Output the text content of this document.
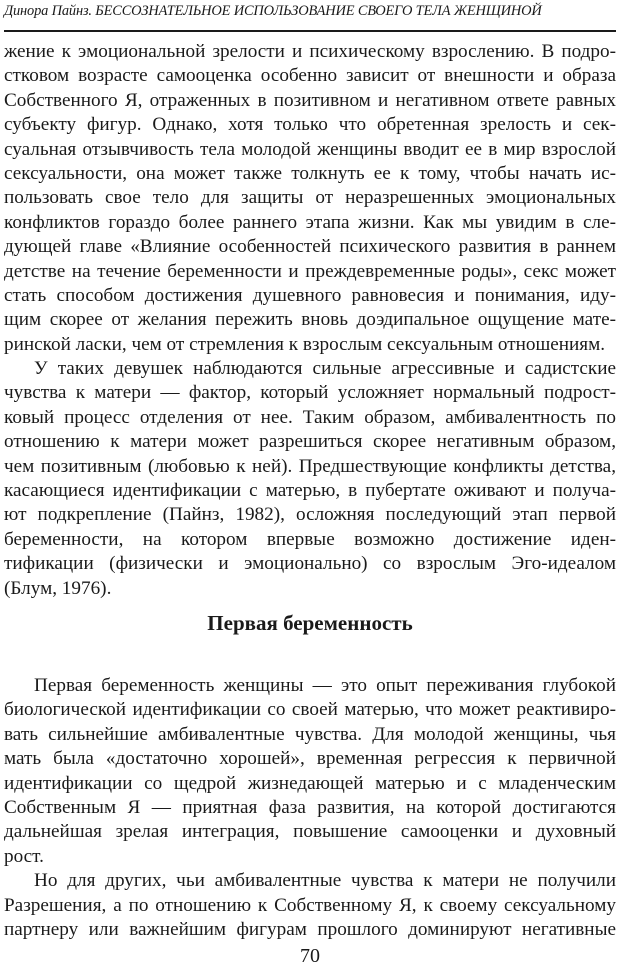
Динора Пайнз. БЕССОЗНАТЕЛЬНОЕ ИСПОЛЬЗОВАНИЕ СВОЕГО ТЕЛА ЖЕНЩИНОЙ
жение к эмоциональной зрелости и психическому взрослению. В подро-
стковом возрасте самооценка особенно зависит от внешности и образа
Собственного Я, отраженных в позитивном и негативном ответе равных
субъекту фигур. Однако, хотя только что обретенная зрелость и сек-
суальная отзывчивость тела молодой женщины вводит ее в мир взрослой
сексуальности, она может также толкнуть ее к тому, чтобы начать ис-
пользовать свое тело для защиты от неразрешенных эмоциональных
конфликтов гораздо более раннего этапа жизни. Как мы увидим в сле-
дующей главе «Влияние особенностей психического развития в раннем
детстве на течение беременности и преждевременные роды», секс может
стать способом достижения душевного равновесия и понимания, иду-
щим скорее от желания пережить вновь доэдипальное ощущение мате-
ринской ласки, чем от стремления к взрослым сексуальным отношениям.
У таких девушек наблюдаются сильные агрессивные и садистские
чувства к матери — фактор, который усложняет нормальный подрост-
ковый процесс отделения от нее. Таким образом, амбивалентность по
отношению к матери может разрешиться скорее негативным образом,
чем позитивным (любовью к ней). Предшествующие конфликты детства,
касающиеся идентификации с матерью, в пубертате оживают и получа-
ют подкрепление (Пайнз, 1982), осложняя последующий этап первой
беременности, на котором впервые возможно достижение иден-
тификации (физически и эмоционально) со взрослым Эго-идеалом
(Блум, 1976).
Первая беременность
Первая беременность женщины — это опыт переживания глубокой
биологической идентификации со своей матерью, что может реактивиро-
вать сильнейшие амбивалентные чувства. Для молодой женщины, чья
мать была «достаточно хорошей», временная регрессия к первичной
идентификации со щедрой жизнедающей матерью и с младенческим
Собственным Я — приятная фаза развития, на которой достигаются
дальнейшая зрелая интеграция, повышение самооценки и духовный
рост.
Но для других, чьи амбивалентные чувства к матери не получили
Разрешения, а по отношению к Собственному Я, к своему сексуальному
партнеру или важнейшим фигурам прошлого доминируют негативные
70
